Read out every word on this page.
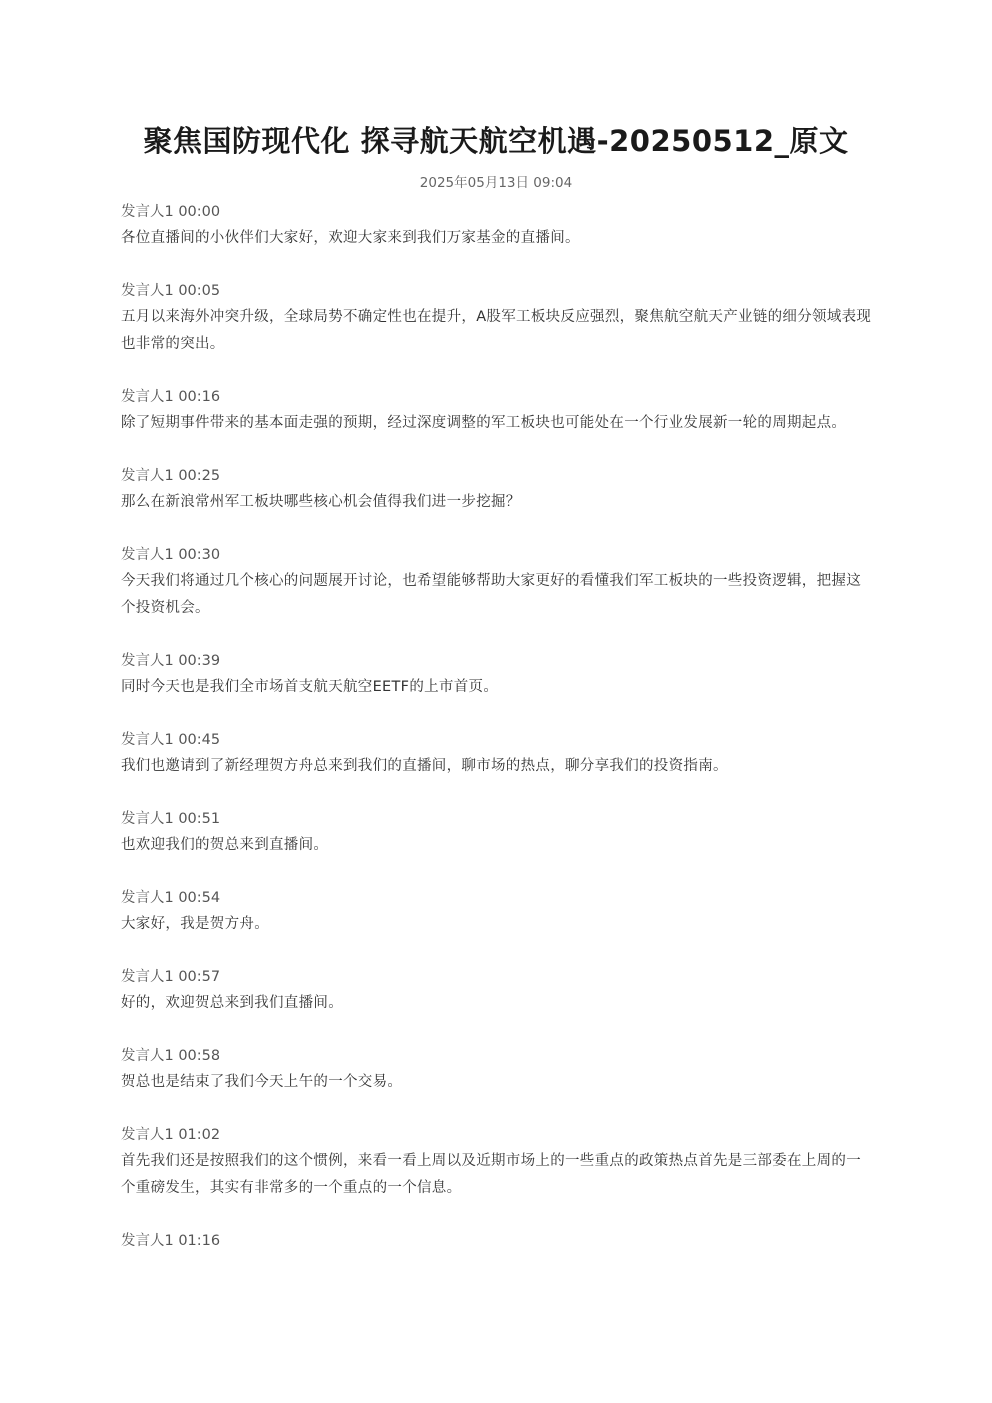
聚焦国防现代化 探寻航天航空机遇-20250512_原文
2025年05月13日 09:04
发言人1 00:00
各位直播间的小伙伴们大家好，欢迎大家来到我们万家基金的直播间。
发言人1 00:05
五月以来海外冲突升级，全球局势不确定性也在提升，A股军工板块反应强烈，聚焦航空航天产业链的细分领域表现也非常的突出。
发言人1 00:16
除了短期事件带来的基本面走强的预期，经过深度调整的军工板块也可能处在一个行业发展新一轮的周期起点。
发言人1 00:25
那么在新浪常州军工板块哪些核心机会值得我们进一步挖掘？
发言人1 00:30
今天我们将通过几个核心的问题展开讨论，也希望能够帮助大家更好的看懂我们军工板块的一些投资逻辑，把握这个投资机会。
发言人1 00:39
同时今天也是我们全市场首支航天航空EETF的上市首页。
发言人1 00:45
我们也邀请到了新经理贺方舟总来到我们的直播间，聊市场的热点，聊分享我们的投资指南。
发言人1 00:51
也欢迎我们的贺总来到直播间。
发言人1 00:54
大家好，我是贺方舟。
发言人1 00:57
好的，欢迎贺总来到我们直播间。
发言人1 00:58
贺总也是结束了我们今天上午的一个交易。
发言人1 01:02
首先我们还是按照我们的这个惯例，来看一看上周以及近期市场上的一些重点的政策热点首先是三部委在上周的一个重磅发生，其实有非常多的一个重点的一个信息。
发言人1 01:16
